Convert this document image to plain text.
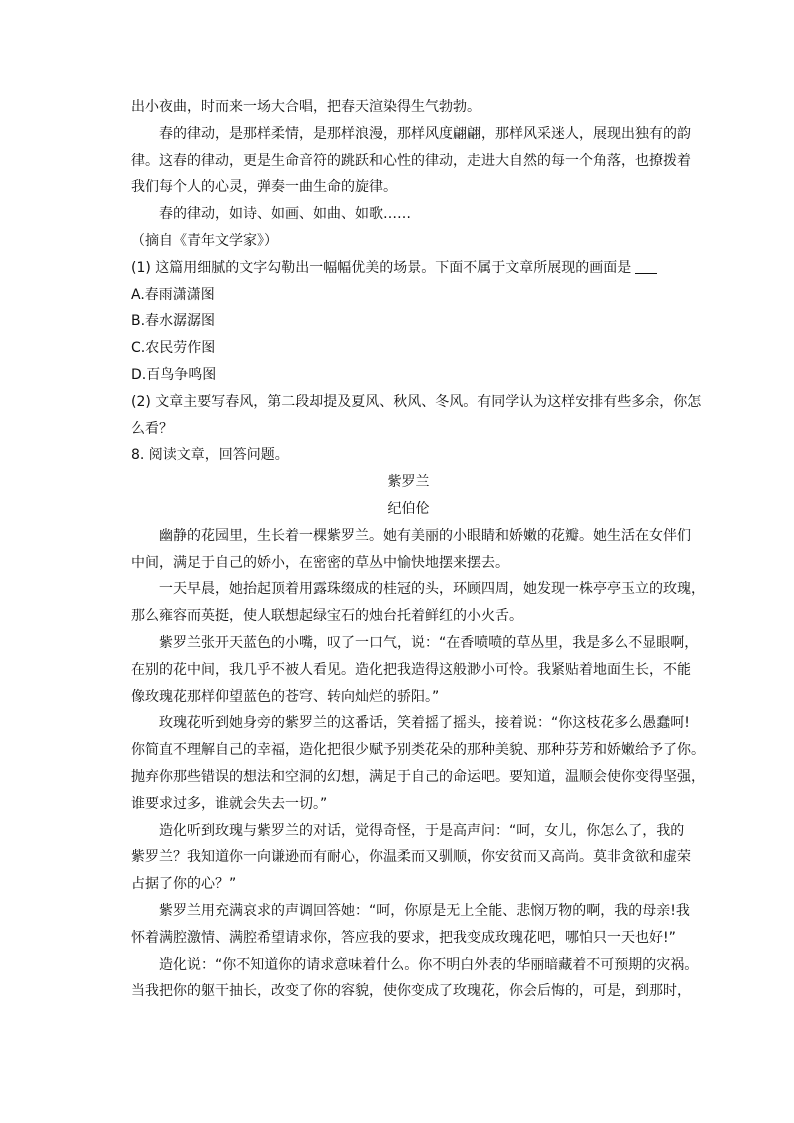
出小夜曲，时而来一场大合唱，把春天渲染得生气勃勃。
春的律动，是那样柔情，是那样浪漫，那样风度翩翩，那样风采迷人，展现出独有的韵
律。这春的律动，更是生命音符的跳跃和心性的律动，走进大自然的每一个角落，也撩拨着
我们每个人的心灵，弹奏一曲生命的旋律。
春的律动，如诗、如画、如曲、如歌……
（摘自《青年文学家》）
(1) 这篇用细腻的文字勾勒出一幅幅优美的场景。下面不属于文章所展现的画面是
A.春雨潇潇图
B.春水潺潺图
C.农民劳作图
D.百鸟争鸣图
(2) 文章主要写春风，第二段却提及夏风、秋风、冬风。有同学认为这样安排有些多余，你怎
么看？
8. 阅读文章，回答问题。
紫罗兰
纪伯伦
幽静的花园里，生长着一棵紫罗兰。她有美丽的小眼睛和娇嫩的花瓣。她生活在女伴们
中间，满足于自己的娇小，在密密的草丛中愉快地摆来摆去。
一天早晨，她抬起顶着用露珠缀成的桂冠的头，环顾四周，她发现一株亭亭玉立的玫瑰，
那么雍容而英挺，使人联想起绿宝石的烛台托着鲜红的小火舌。
紫罗兰张开天蓝色的小嘴，叹了一口气，说：“在香喷喷的草丛里，我是多么不显眼啊，
在别的花中间，我几乎不被人看见。造化把我造得这般渺小可怜。我紧贴着地面生长，不能
像玫瑰花那样仰望蓝色的苍穹、转向灿烂的骄阳。”
玫瑰花听到她身旁的紫罗兰的这番话，笑着摇了摇头，接着说：“你这枝花多么愚蠢呵!
你简直不理解自己的幸福，造化把很少赋予别类花朵的那种美貌、那种芬芳和娇嫩给予了你。
抛弃你那些错误的想法和空洞的幻想，满足于自己的命运吧。要知道，温顺会使你变得坚强，
谁要求过多，谁就会失去一切。”
造化听到玫瑰与紫罗兰的对话，觉得奇怪，于是高声问：“呵，女儿，你怎么了，我的
紫罗兰？我知道你一向谦逊而有耐心，你温柔而又驯顺，你安贫而又高尚。莫非贪欲和虚荣
占据了你的心？”
紫罗兰用充满哀求的声调回答她：“呵，你原是无上全能、悲悯万物的啊，我的母亲!我
怀着满腔激情、满腔希望请求你，答应我的要求，把我变成玫瑰花吧，哪怕只一天也好!”
造化说：“你不知道你的请求意味着什么。你不明白外表的华丽暗藏着不可预期的灾祸。
当我把你的躯干抽长，改变了你的容貌，使你变成了玫瑰花，你会后悔的，可是，到那时，
